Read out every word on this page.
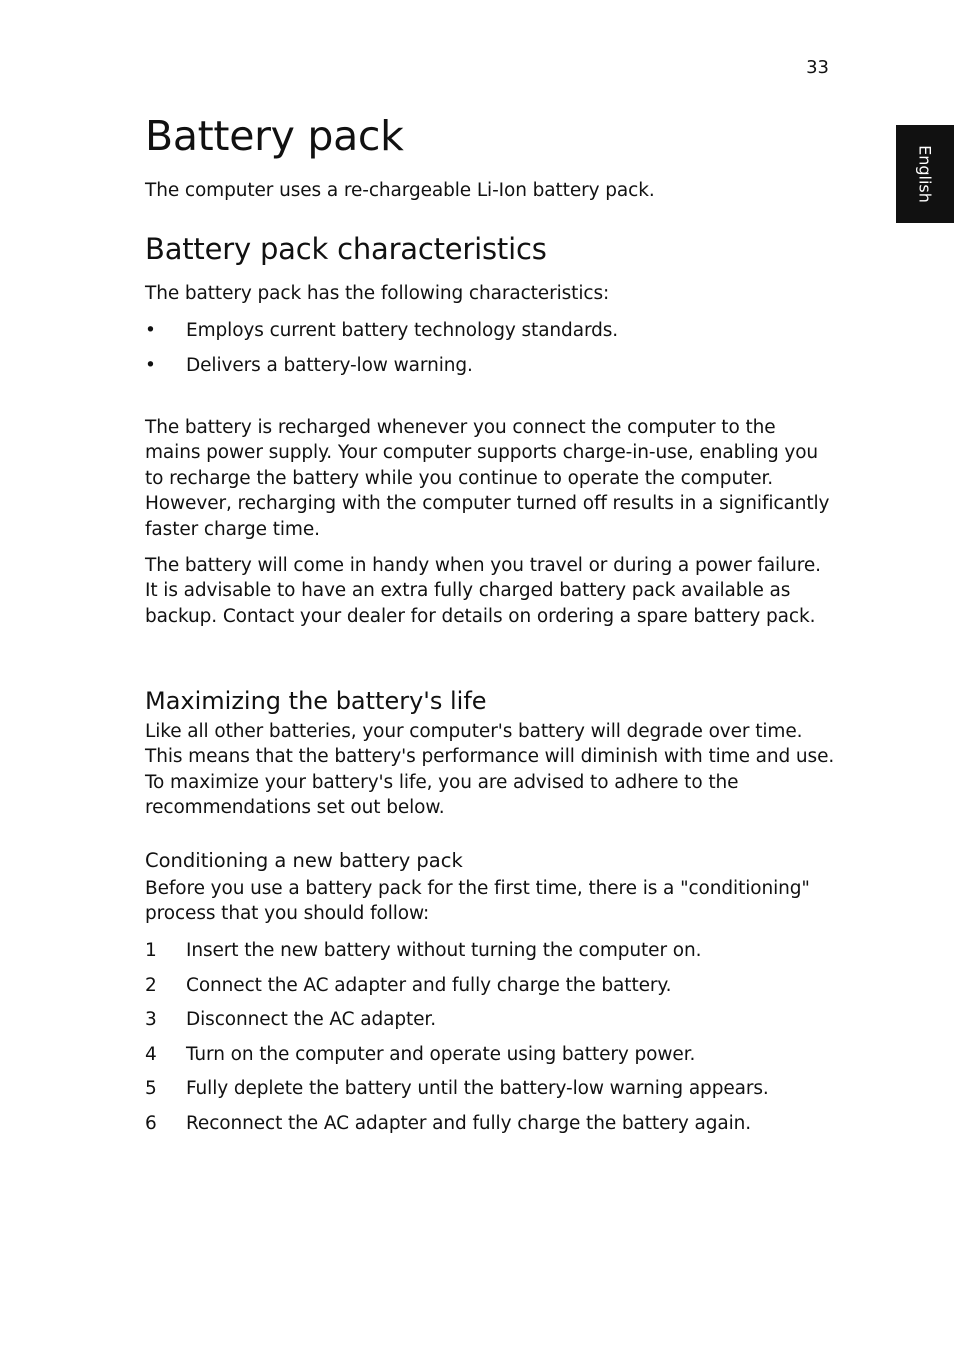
33
English
Battery pack

The computer uses a re-chargeable Li-Ion battery pack.

Battery pack characteristics

The battery pack has the following characteristics:

• Employs current battery technology standards.
• Delivers a battery-low warning.

The battery is recharged whenever you connect the computer to the mains power supply. Your computer supports charge-in-use, enabling you to recharge the battery while you continue to operate the computer. However, recharging with the computer turned off results in a significantly faster charge time.

The battery will come in handy when you travel or during a power failure. It is advisable to have an extra fully charged battery pack available as backup. Contact your dealer for details on ordering a spare battery pack.

Maximizing the battery's life

Like all other batteries, your computer's battery will degrade over time. This means that the battery's performance will diminish with time and use. To maximize your battery's life, you are advised to adhere to the recommendations set out below.

Conditioning a new battery pack

Before you use a battery pack for the first time, there is a "conditioning" process that you should follow:

1 Insert the new battery without turning the computer on.
2 Connect the AC adapter and fully charge the battery.
3 Disconnect the AC adapter.
4 Turn on the computer and operate using battery power.
5 Fully deplete the battery until the battery-low warning appears.
6 Reconnect the AC adapter and fully charge the battery again.
